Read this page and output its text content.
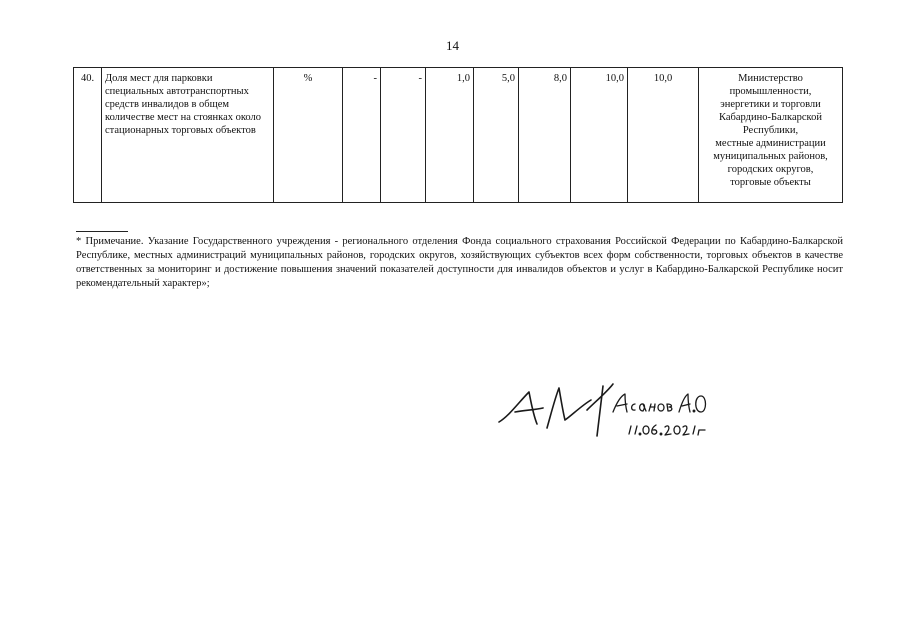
14
40.	Доля мест для парковки специальных автотранспортных средств инвалидов в общем количестве мест на стоянках около стационарных торговых объектов	%	-	-	1,0	5,0	8,0	10,0	10,0	Министерство
промышленности,
энергетики и торговли
Кабардино-Балкарской
Республики,
местные администрации
муниципальных районов,
городских округов,
торговые объекты
* Примечание. Указание Государственного учреждения - регионального отделения Фонда социального страхования Российской Федерации по Кабардино-Балкарской Республике, местных администраций муниципальных районов, городских округов, хозяйствующих субъектов всех форм собственности, торговых объектов в качестве ответственных за мониторинг и достижение повышения значений показателей доступности для инвалидов объектов и услуг в Кабардино-Балкарской Республике носит рекомендательный характер»;
